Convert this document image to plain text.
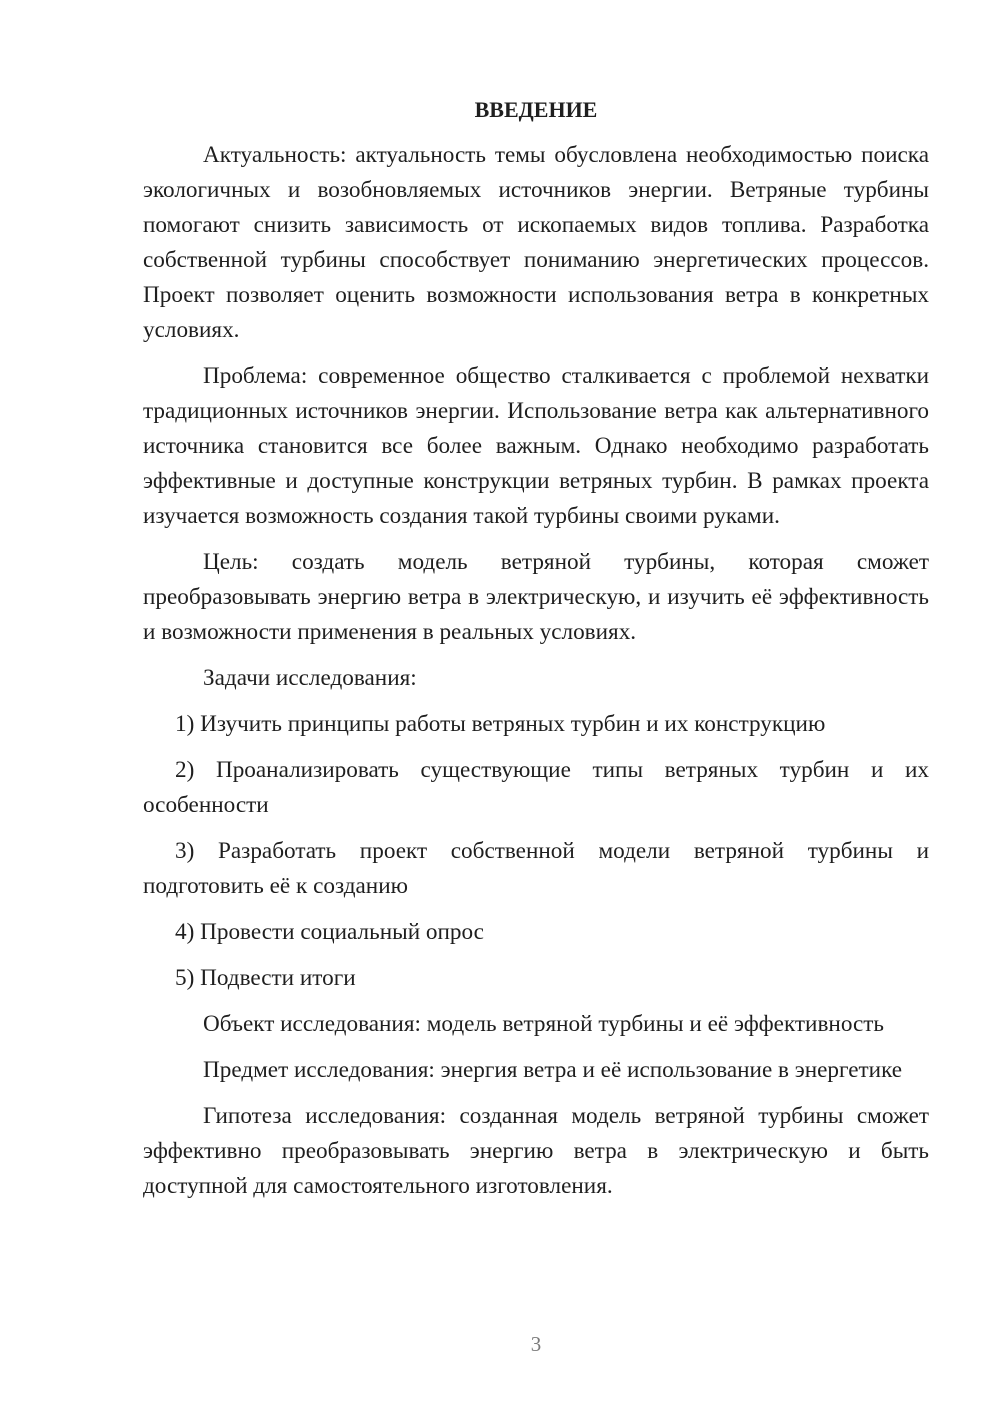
ВВЕДЕНИЕ

Актуальность: актуальность темы обусловлена необходимостью поиска экологичных и возобновляемых источников энергии. Ветряные турбины помогают снизить зависимость от ископаемых видов топлива. Разработка собственной турбины способствует пониманию энергетических процессов. Проект позволяет оценить возможности использования ветра в конкретных условиях.

Проблема: современное общество сталкивается с проблемой нехватки традиционных источников энергии. Использование ветра как альтернативного источника становится все более важным. Однако необходимо разработать эффективные и доступные конструкции ветряных турбин. В рамках проекта изучается возможность создания такой турбины своими руками.

Цель: создать модель ветряной турбины, которая сможет преобразовывать энергию ветра в электрическую, и изучить её эффективность и возможности применения в реальных условиях.

Задачи исследования:

1) Изучить принципы работы ветряных турбин и их конструкцию

2) Проанализировать существующие типы ветряных турбин и их особенности

3) Разработать проект собственной модели ветряной турбины и подготовить её к созданию

4) Провести социальный опрос

5) Подвести итоги

Объект исследования: модель ветряной турбины и её эффективность

Предмет исследования: энергия ветра и её использование в энергетике

Гипотеза исследования: созданная модель ветряной турбины сможет эффективно преобразовывать энергию ветра в электрическую и быть доступной для самостоятельного изготовления.

3
